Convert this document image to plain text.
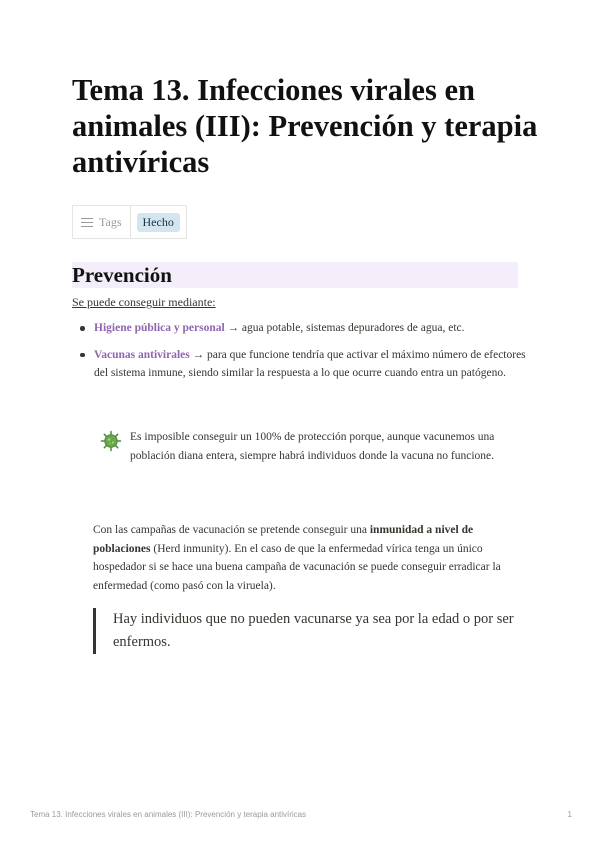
Tema 13. Infecciones virales en animales (III): Prevención y terapia antivíricas
Tags	Hecho
Prevención

Se puede conseguir mediante:

Higiene pública y personal → agua potable, sistemas depuradores de agua, etc.
Vacunas antivirales → para que funcione tendría que activar el máximo número de efectores del sistema inmune, siendo similar la respuesta a lo que ocurre cuando entra un patógeno.

Es imposible conseguir un 100% de protección porque, aunque vacunemos una población diana entera, siempre habrá individuos donde la vacuna no funcione.

Con las campañas de vacunación se pretende conseguir una inmunidad a nivel de poblaciones (Herd inmunity). En el caso de que la enfermedad vírica tenga un único hospedador si se hace una buena campaña de vacunación se puede conseguir erradicar la enfermedad (como pasó con la viruela).

Hay individuos que no pueden vacunarse ya sea por la edad o por ser enfermos.
Tema 13. Infecciones virales en animales (III): Prevención y terapia antivíricas	1
